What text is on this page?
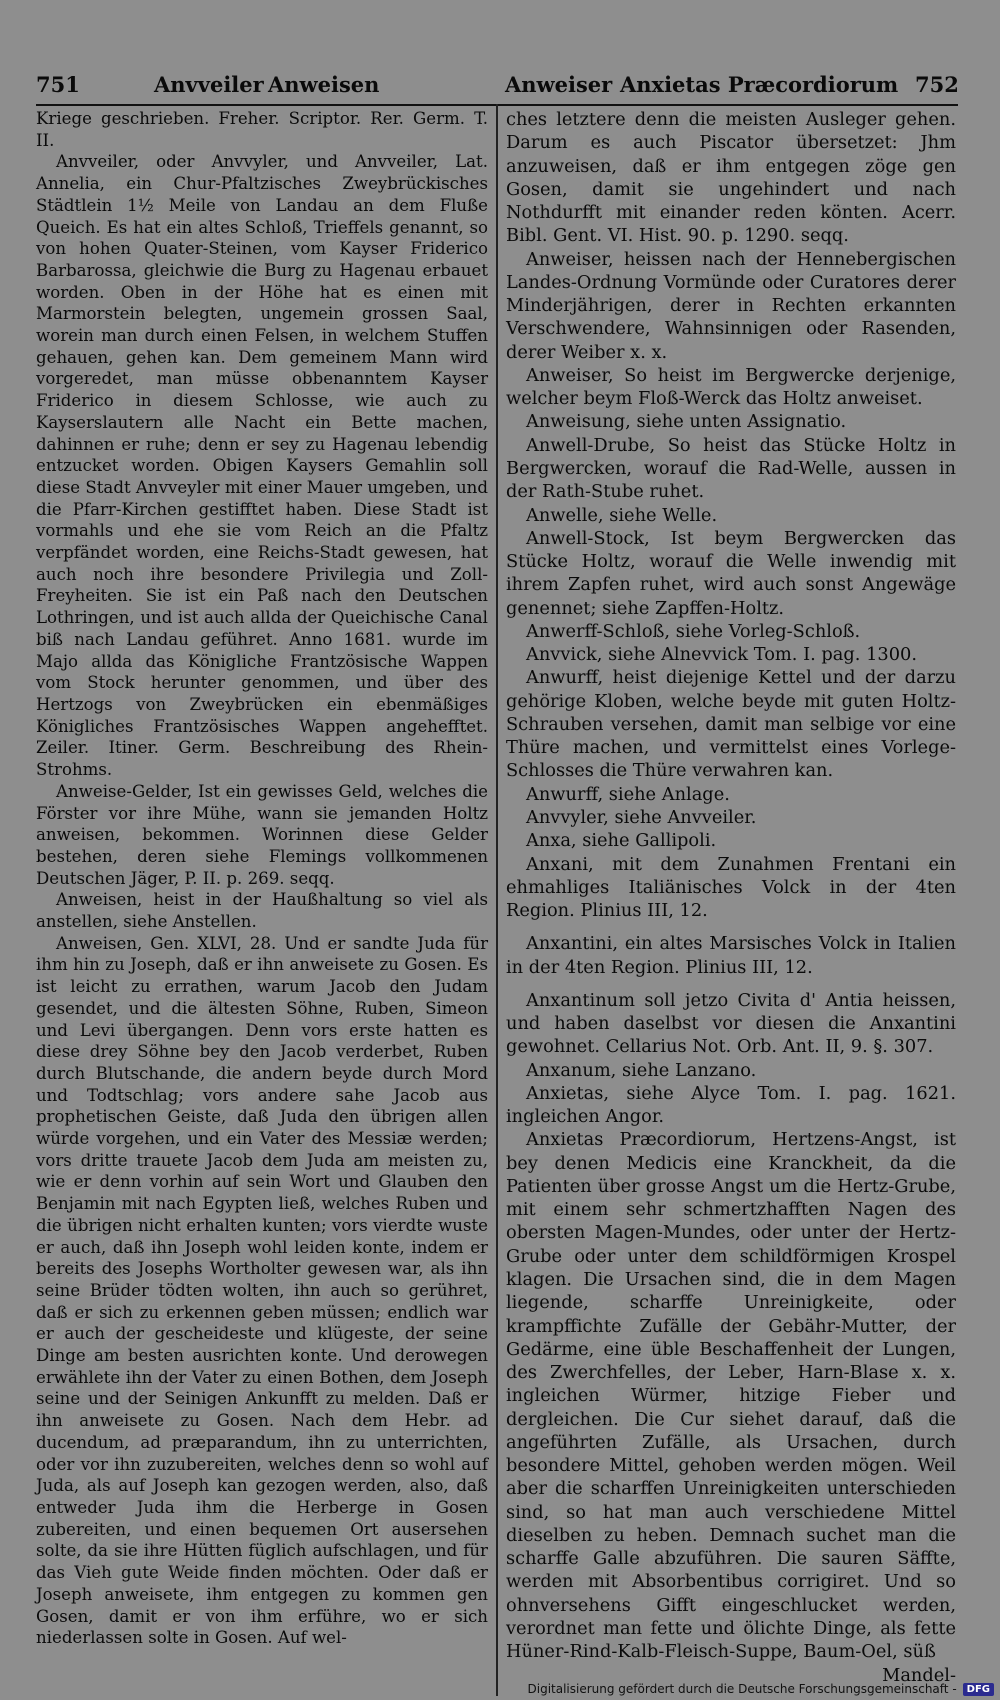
751	Anvveiler Anweisen	Anweiser Anxietas Præcordiorum 752

Kriege geschrieben. Freher. Scriptor. Rer. Germ. T. II.

Anvveiler, oder Anvvyler, und Anvveiler, Lat. Annelia, ein Chur-Pfaltzisches Zweybrückisches Städtlein 1½ Meile von Landau an dem Fluße Queich. Es hat ein altes Schloß, Trieffels genannt, so von hohen Quater-Steinen, vom Kayser Friderico Barbarossa, gleichwie die Burg zu Hagenau erbauet worden. Oben in der Höhe hat es einen mit Marmorstein belegten, ungemein grossen Saal, worein man durch einen Felsen, in welchem Stuffen gehauen, gehen kan. Dem gemeinem Mann wird vorgeredet, man müsse obbenanntem Kayser Friderico in diesem Schlosse, wie auch zu Kayserslautern alle Nacht ein Bette machen, dahinnen er ruhe; denn er sey zu Hagenau lebendig entzucket worden. Obigen Kaysers Gemahlin soll diese Stadt Anvveyler mit einer Mauer umgeben, und die Pfarr-Kirchen gestifftet haben. Diese Stadt ist vormahls und ehe sie vom Reich an die Pfaltz verpfändet worden, eine Reichs-Stadt gewesen, hat auch noch ihre besondere Privilegia und Zoll-Freyheiten. Sie ist ein Paß nach den Deutschen Lothringen, und ist auch allda der Queichische Canal biß nach Landau geführet. Anno 1681. wurde im Majo allda das Königliche Frantzösische Wappen vom Stock herunter genommen, und über des Hertzogs von Zweybrücken ein ebenmäßiges Königliches Frantzösisches Wappen angehefftet. Zeiler. Itiner. Germ. Beschreibung des Rhein-Strohms.

Anweise-Gelder, Ist ein gewisses Geld, welches die Förster vor ihre Mühe, wann sie jemanden Holtz anweisen, bekommen. Worinnen diese Gelder bestehen, deren siehe Flemings vollkommenen Deutschen Jäger, P. II. p. 269. seqq.

Anweisen, heist in der Haußhaltung so viel als anstellen, siehe Anstellen.

Anweisen, Gen. XLVI, 28. Und er sandte Juda für ihm hin zu Joseph, daß er ihn anweisete zu Gosen. Es ist leicht zu errathen, warum Jacob den Judam gesendet, und die ältesten Söhne, Ruben, Simeon und Levi übergangen. Denn vors erste hatten es diese drey Söhne bey den Jacob verderbet, Ruben durch Blutschande, die andern beyde durch Mord und Todtschlag; vors andere sahe Jacob aus prophetischen Geiste, daß Juda den übrigen allen würde vorgehen, und ein Vater des Messiæ werden; vors dritte trauete Jacob dem Juda am meisten zu, wie er denn vorhin auf sein Wort und Glauben den Benjamin mit nach Egypten ließ, welches Ruben und die übrigen nicht erhalten kunten; vors vierdte wuste er auch, daß ihn Joseph wohl leiden konte, indem er bereits des Josephs Wortholter gewesen war, als ihn seine Brüder tödten wolten, ihn auch so gerühret, daß er sich zu erkennen geben müssen; endlich war er auch der gescheideste und klügeste, der seine Dinge am besten ausrichten konte. Und derowegen erwählete ihn der Vater zu einen Bothen, dem Joseph seine und der Seinigen Ankunfft zu melden. Daß er ihn anweisete zu Gosen. Nach dem Hebr. ad ducendum, ad præparandum, ihn zu unterrichten, oder vor ihn zuzubereiten, welches denn so wohl auf Juda, als auf Joseph kan gezogen werden, also, daß entweder Juda ihm die Herberge in Gosen zubereiten, und einen bequemen Ort ausersehen solte, da sie ihre Hütten füglich aufschlagen, und für das Vieh gute Weide finden möchten. Oder daß er Joseph anweisete, ihm entgegen zu kommen gen Gosen, damit er von ihm erführe, wo er sich niederlassen solte in Gosen. Auf wel-

ches letztere denn die meisten Ausleger gehen. Darum es auch Piscator übersetzet: Jhm anzuweisen, daß er ihm entgegen zöge gen Gosen, damit sie ungehindert und nach Nothdurfft mit einander reden könten. Acerr. Bibl. Gent. VI. Hist. 90. p. 1290. seqq.

Anweiser, heissen nach der Hennebergischen Landes-Ordnung Vormünde oder Curatores derer Minderjährigen, derer in Rechten erkannten Verschwendere, Wahnsinnigen oder Rasenden, derer Weiber x. x.

Anweiser, So heist im Bergwercke derjenige, welcher beym Floß-Werck das Holtz anweiset.

Anweisung, siehe unten Assignatio.

Anwell-Drube, So heist das Stücke Holtz in Bergwercken, worauf die Rad-Welle, aussen in der Rath-Stube ruhet.

Anwelle, siehe Welle.

Anwell-Stock, Ist beym Bergwercken das Stücke Holtz, worauf die Welle inwendig mit ihrem Zapfen ruhet, wird auch sonst Angewäge genennet; siehe Zapffen-Holtz.

Anwerff-Schloß, siehe Vorleg-Schloß.

Anvvick, siehe Alnevvick Tom. I. pag. 1300.

Anwurff, heist diejenige Kettel und der darzu gehörige Kloben, welche beyde mit guten Holtz-Schrauben versehen, damit man selbige vor eine Thüre machen, und vermittelst eines Vorlege-Schlosses die Thüre verwahren kan.

Anwurff, siehe Anlage.

Anvvyler, siehe Anvveiler.

Anxa, siehe Gallipoli.

Anxani, mit dem Zunahmen Frentani ein ehmahliges Italiänisches Volck in der 4ten Region. Plinius III, 12.

Anxantini, ein altes Marsisches Volck in Italien in der 4ten Region. Plinius III, 12.

Anxantinum soll jetzo Civita d' Antia heissen, und haben daselbst vor diesen die Anxantini gewohnet. Cellarius Not. Orb. Ant. II, 9. §. 307.

Anxanum, siehe Lanzano.

Anxietas, siehe Alyce Tom. I. pag. 1621. ingleichen Angor.

Anxietas Præcordiorum, Hertzens-Angst, ist bey denen Medicis eine Kranckheit, da die Patienten über grosse Angst um die Hertz-Grube, mit einem sehr schmertzhafften Nagen des obersten Magen-Mundes, oder unter der Hertz-Grube oder unter dem schildförmigen Krospel klagen. Die Ursachen sind, die in dem Magen liegende, scharffe Unreinigkeite, oder krampffichte Zufälle der Gebähr-Mutter, der Gedärme, eine üble Beschaffenheit der Lungen, des Zwerchfelles, der Leber, Harn-Blase x. x. ingleichen Würmer, hitzige Fieber und dergleichen. Die Cur siehet darauf, daß die angeführten Zufälle, als Ursachen, durch besondere Mittel, gehoben werden mögen. Weil aber die scharffen Unreinigkeiten unterschieden sind, so hat man auch verschiedene Mittel dieselben zu heben. Demnach suchet man die scharffe Galle abzuführen. Die sauren Säffte, werden mit Absorbentibus corrigiret. Und so ohnversehens Gifft eingeschlucket werden, verordnet man fette und ölichte Dinge, als fette Hüner-Rind-Kalb-Fleisch-Suppe, Baum-Oel, süß

Mandel-

Digitalisierung gefördert durch die Deutsche Forschungsgemeinschaft -	DFG
